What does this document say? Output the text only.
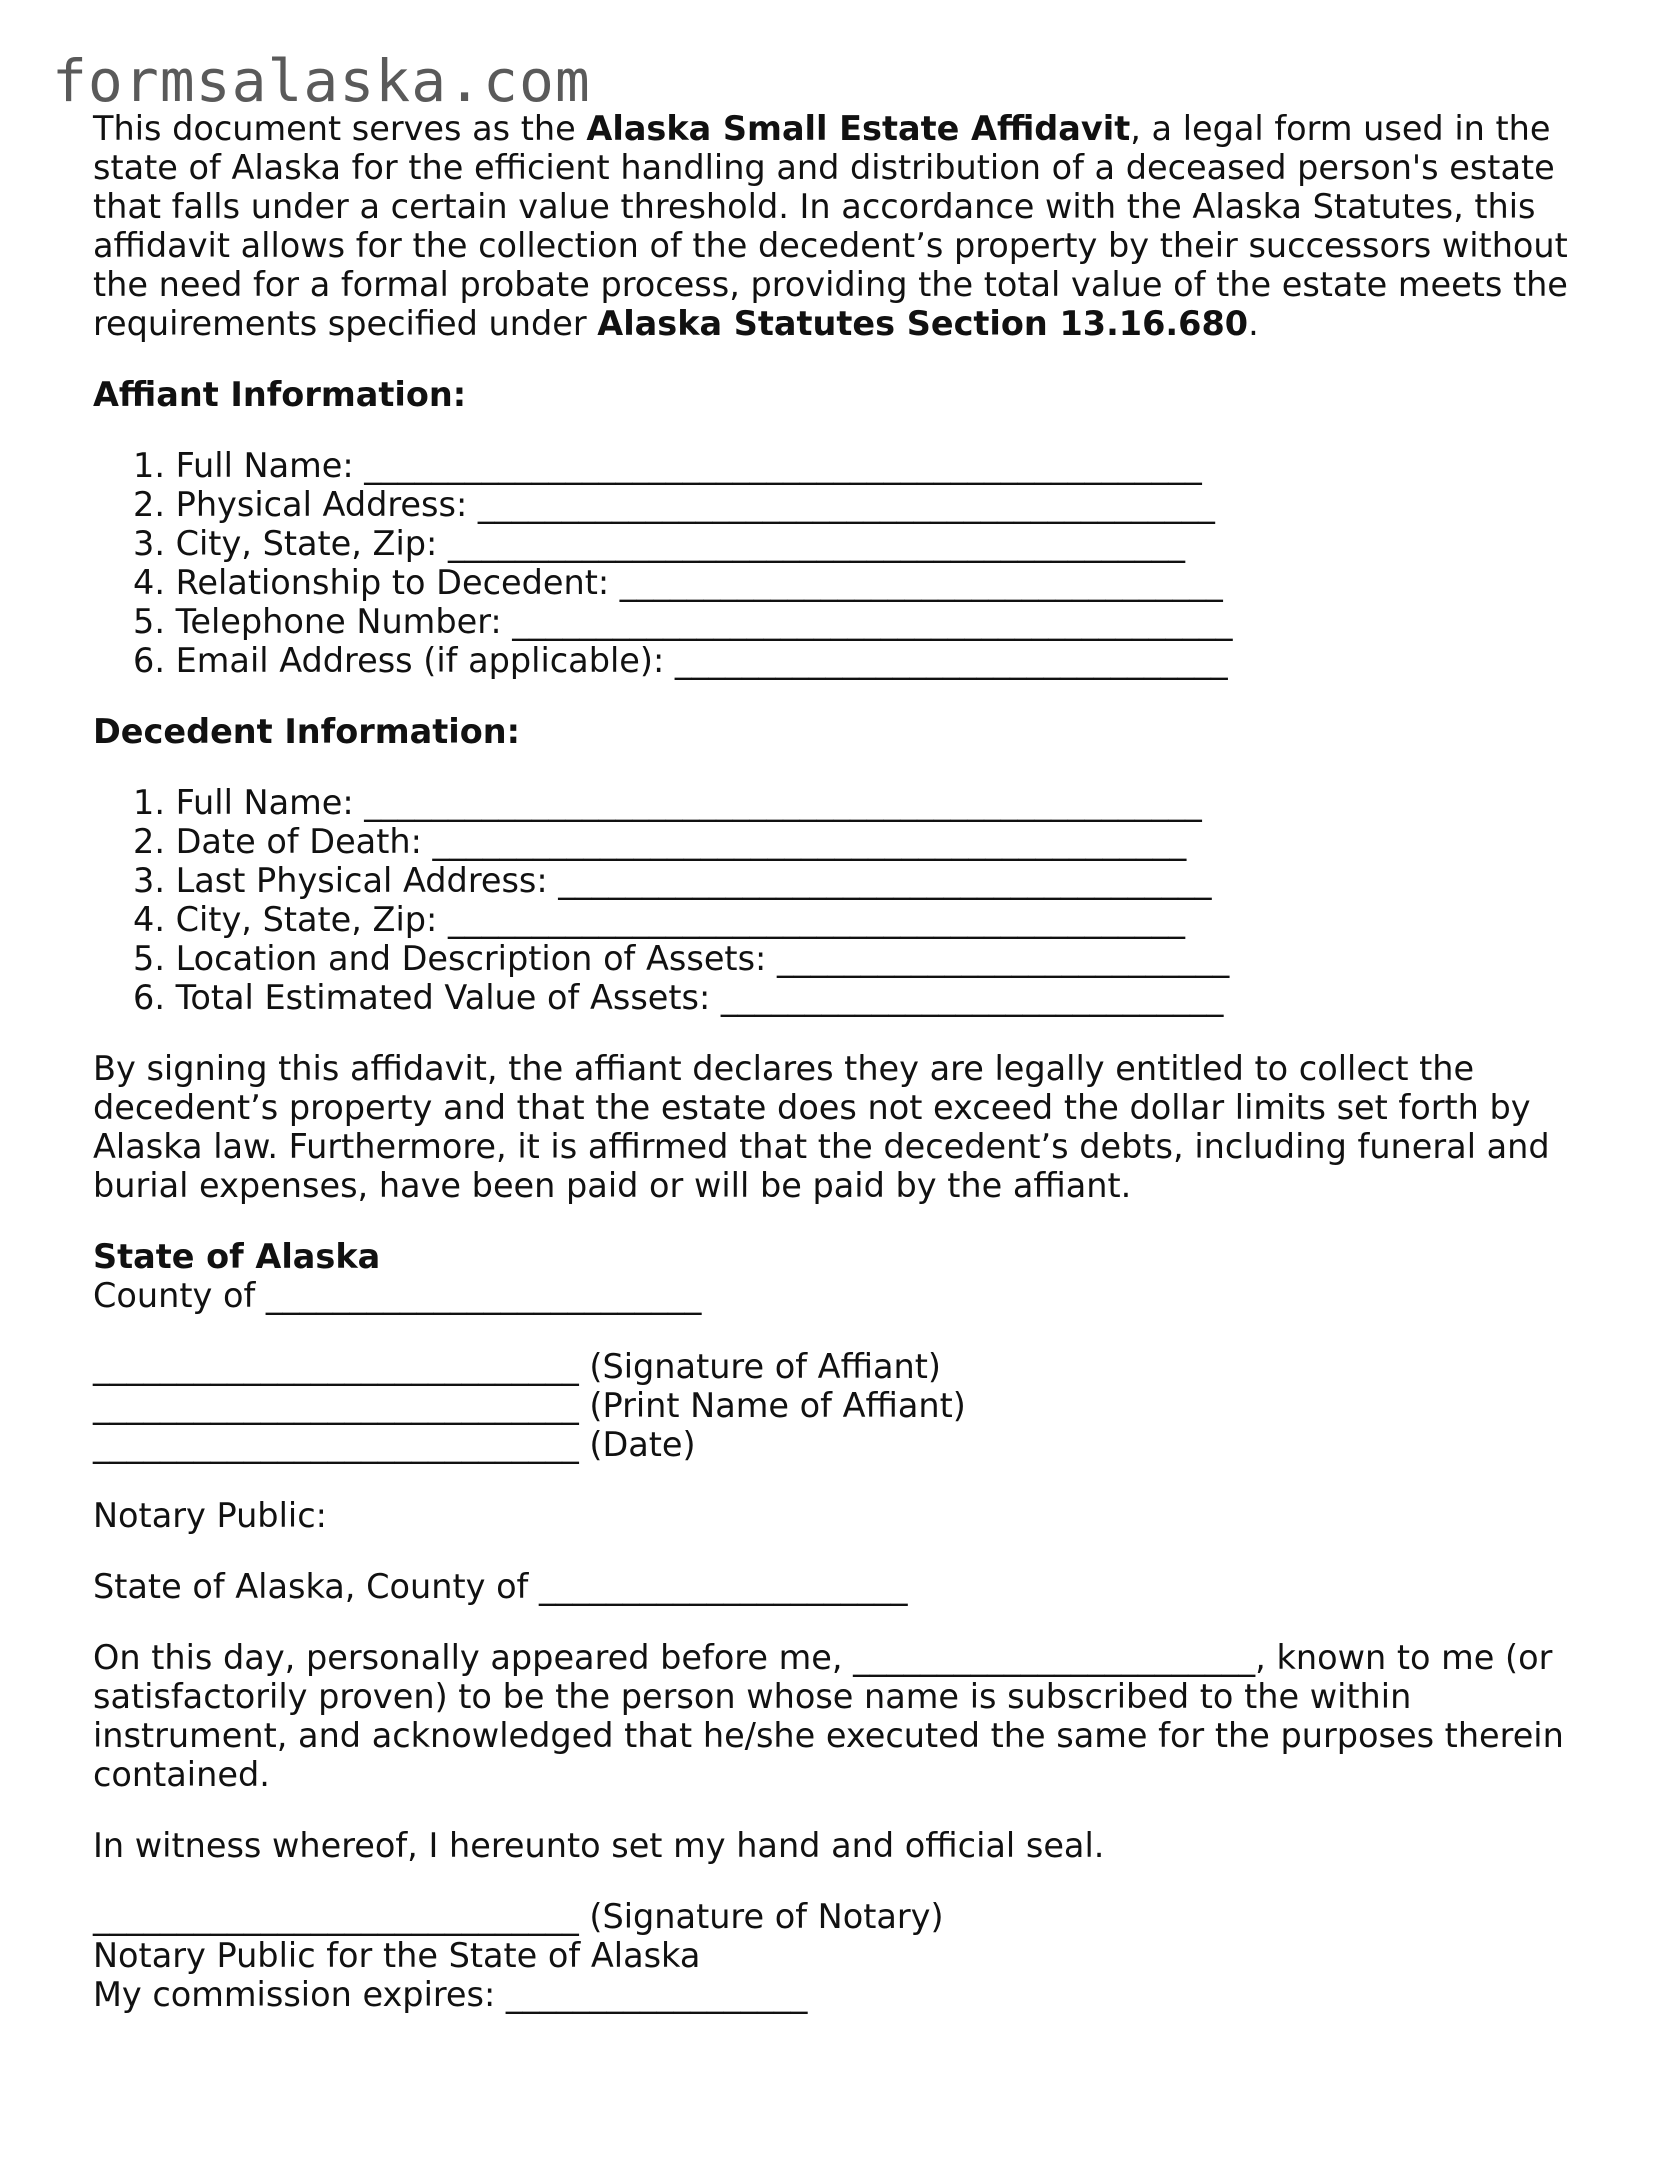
formsalaska.com

This document serves as the Alaska Small Estate Affidavit, a legal form used in the state of Alaska for the efficient handling and distribution of a deceased person's estate that falls under a certain value threshold. In accordance with the Alaska Statutes, this affidavit allows for the collection of the decedent’s property by their successors without the need for a formal probate process, providing the total value of the estate meets the requirements specified under Alaska Statutes Section 13.16.680.

Affiant Information:

1. Full Name: __________________________________________________
2. Physical Address: ____________________________________________
3. City, State, Zip: ____________________________________________
4. Relationship to Decedent: ____________________________________
5. Telephone Number: ___________________________________________
6. Email Address (if applicable): _________________________________

Decedent Information:

1. Full Name: __________________________________________________
2. Date of Death: _____________________________________________
3. Last Physical Address: _______________________________________
4. City, State, Zip: ____________________________________________
5. Location and Description of Assets: ___________________________
6. Total Estimated Value of Assets: ______________________________

By signing this affidavit, the affiant declares they are legally entitled to collect the decedent’s property and that the estate does not exceed the dollar limits set forth by Alaska law. Furthermore, it is affirmed that the decedent’s debts, including funeral and burial expenses, have been paid or will be paid by the affiant.

State of Alaska
County of __________________________
_____________________________ (Signature of Affiant)
_____________________________ (Print Name of Affiant)
_____________________________ (Date)

Notary Public:

State of Alaska, County of ______________________

On this day, personally appeared before me, ________________________, known to me (or satisfactorily proven) to be the person whose name is subscribed to the within instrument, and acknowledged that he/she executed the same for the purposes therein contained.

In witness whereof, I hereunto set my hand and official seal.

_____________________________ (Signature of Notary)
Notary Public for the State of Alaska
My commission expires: __________________
